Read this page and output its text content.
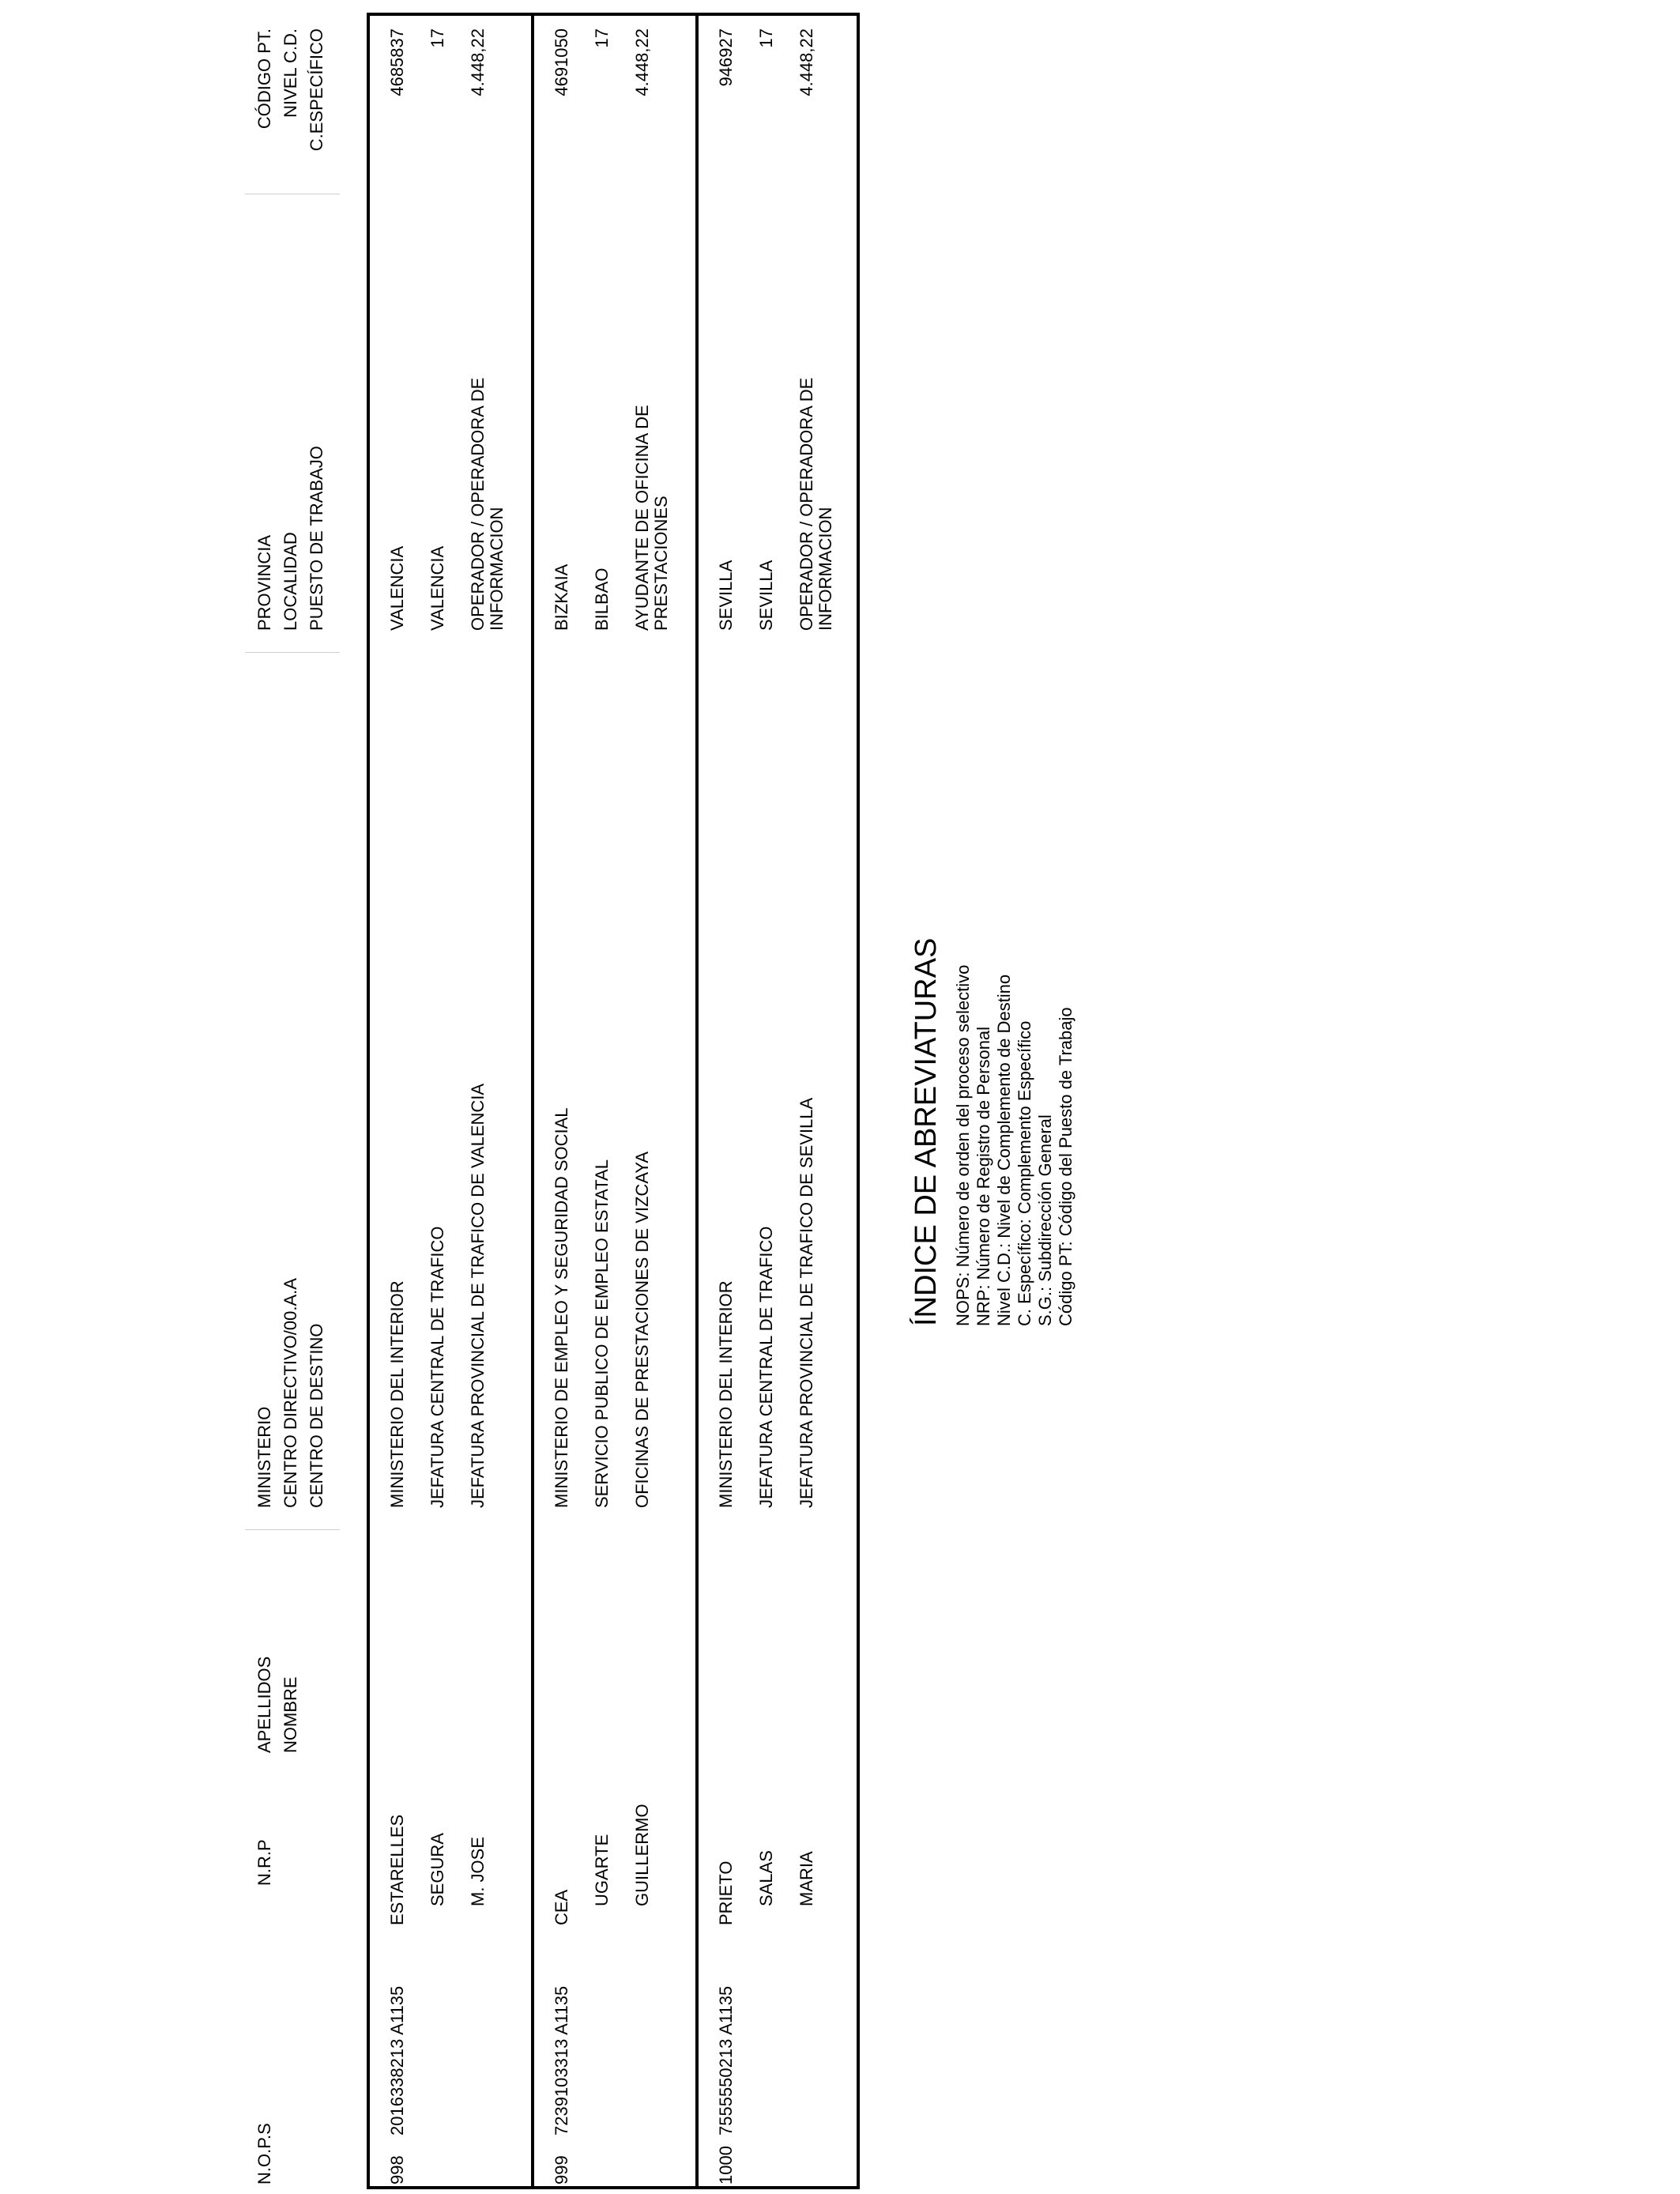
N.O.P.S
N.R.P
APELLIDOS NOMBRE
MINISTERIO CENTRO DIRECTIVO/00.A.A CENTRO DE DESTINO
PROVINCIA LOCALIDAD PUESTO DE TRABAJO
CÓDIGO PT. NIVEL C.D. C.ESPECÍFICO
998
2016338213 A1135
ESTARELLES SEGURA M. JOSE
MINISTERIO DEL INTERIOR JEFATURA CENTRAL DE TRAFICO JEFATURA PROVINCIAL DE TRAFICO DE VALENCIA
VALENCIA VALENCIA OPERADOR / OPERADORA DE INFORMACION
4685837 17 4.448,22
999
7239103313 A1135
CEA
UGARTE GUILLERMO
MINISTERIO DE EMPLEO Y SEGURIDAD SOCIAL SERVICIO PUBLICO DE EMPLEO ESTATAL OFICINAS DE PRESTACIONES DE VIZCAYA
BIZKAIA BILBAO AYUDANTE DE OFICINA DE PRESTACIONES
4691050 17 4.448,22
1000
7555550213 A1135
PRIETO SALAS MARIA
MINISTERIO DEL INTERIOR JEFATURA CENTRAL DE TRAFICO JEFATURA PROVINCIAL DE TRAFICO DE SEVILLA
SEVILLA SEVILLA OPERADOR / OPERADORA DE INFORMACION
946927 17 4.448,22
ÍNDICE DE ABREVIATURAS NOPS: Número de orden del proceso selectivo NRP: Número de Registro de Personal Nivel C.D.: Nivel de Complemento de Destino C. Específico: Complemento Específico S.G.: Subdirección General Código PT: Código del Puesto de Trabajo
